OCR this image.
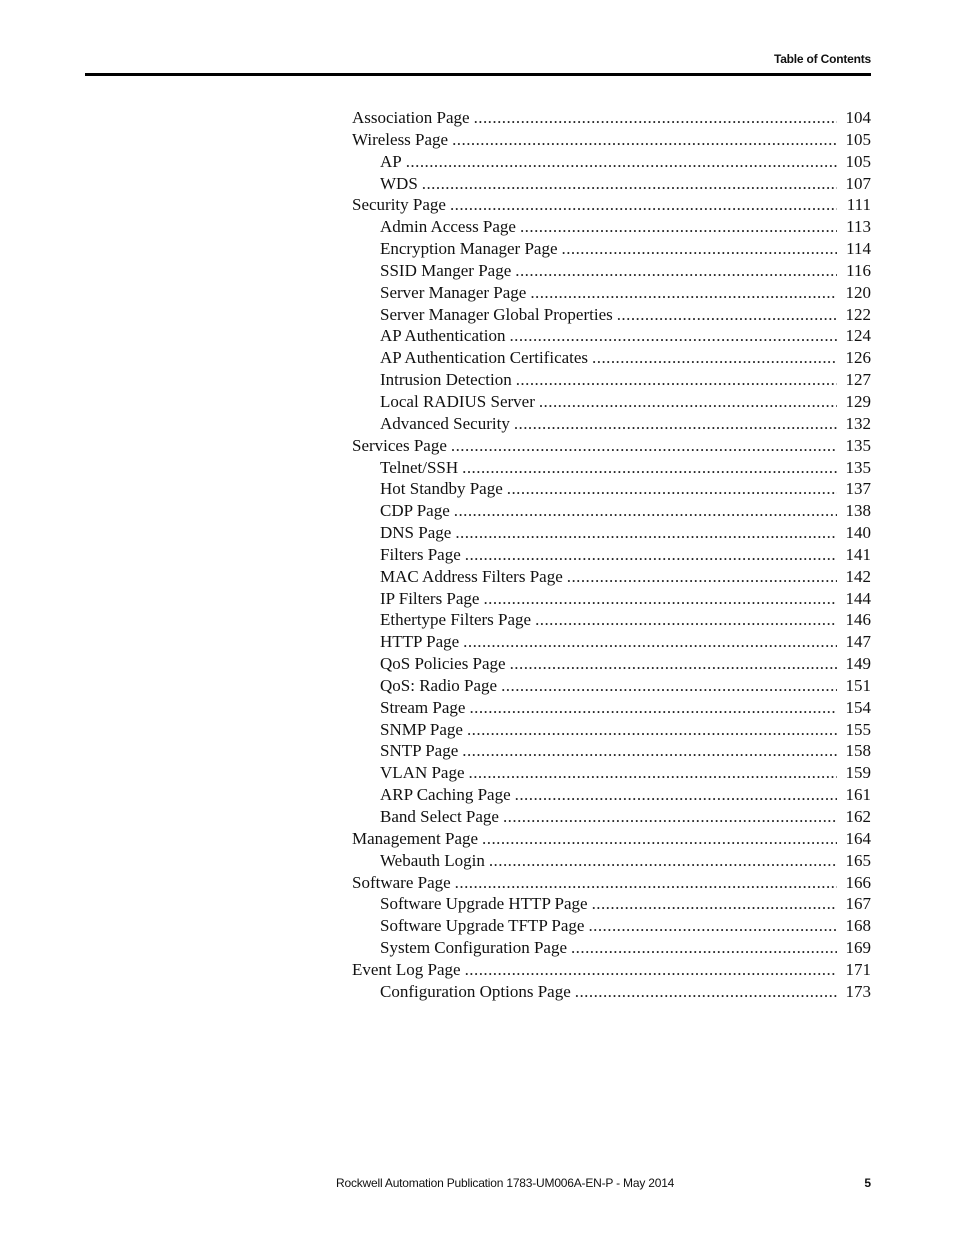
Table of Contents
Association Page . . .	104
Wireless Page . . .	105
AP . . .	105
WDS . . .	107
Security Page . . .	111
Admin Access Page . . .	113
Encryption Manager Page . . .	114
SSID Manger Page . . .	116
Server Manager Page . . .	120
Server Manager Global Properties . . .	122
AP Authentication . . .	124
AP Authentication Certificates . . .	126
Intrusion Detection . . .	127
Local RADIUS Server . . .	129
Advanced Security . . .	132
Services Page . . .	135
Telnet/SSH . . .	135
Hot Standby Page . . .	137
CDP Page . . .	138
DNS Page . . .	140
Filters Page . . .	141
MAC Address Filters Page . . .	142
IP Filters Page . . .	144
Ethertype Filters Page . . .	146
HTTP Page . . .	147
QoS Policies Page . . .	149
QoS: Radio Page . . .	151
Stream Page . . .	154
SNMP Page . . .	155
SNTP Page . . .	158
VLAN Page . . .	159
ARP Caching Page . . .	161
Band Select Page . . .	162
Management Page . . .	164
Webauth Login . . .	165
Software Page . . .	166
Software Upgrade HTTP Page . . .	167
Software Upgrade TFTP Page . . .	168
System Configuration Page . . .	169
Event Log Page . . .	171
Configuration Options Page . . .	173
Rockwell Automation Publication 1783-UM006A-EN-P - May 2014	5
